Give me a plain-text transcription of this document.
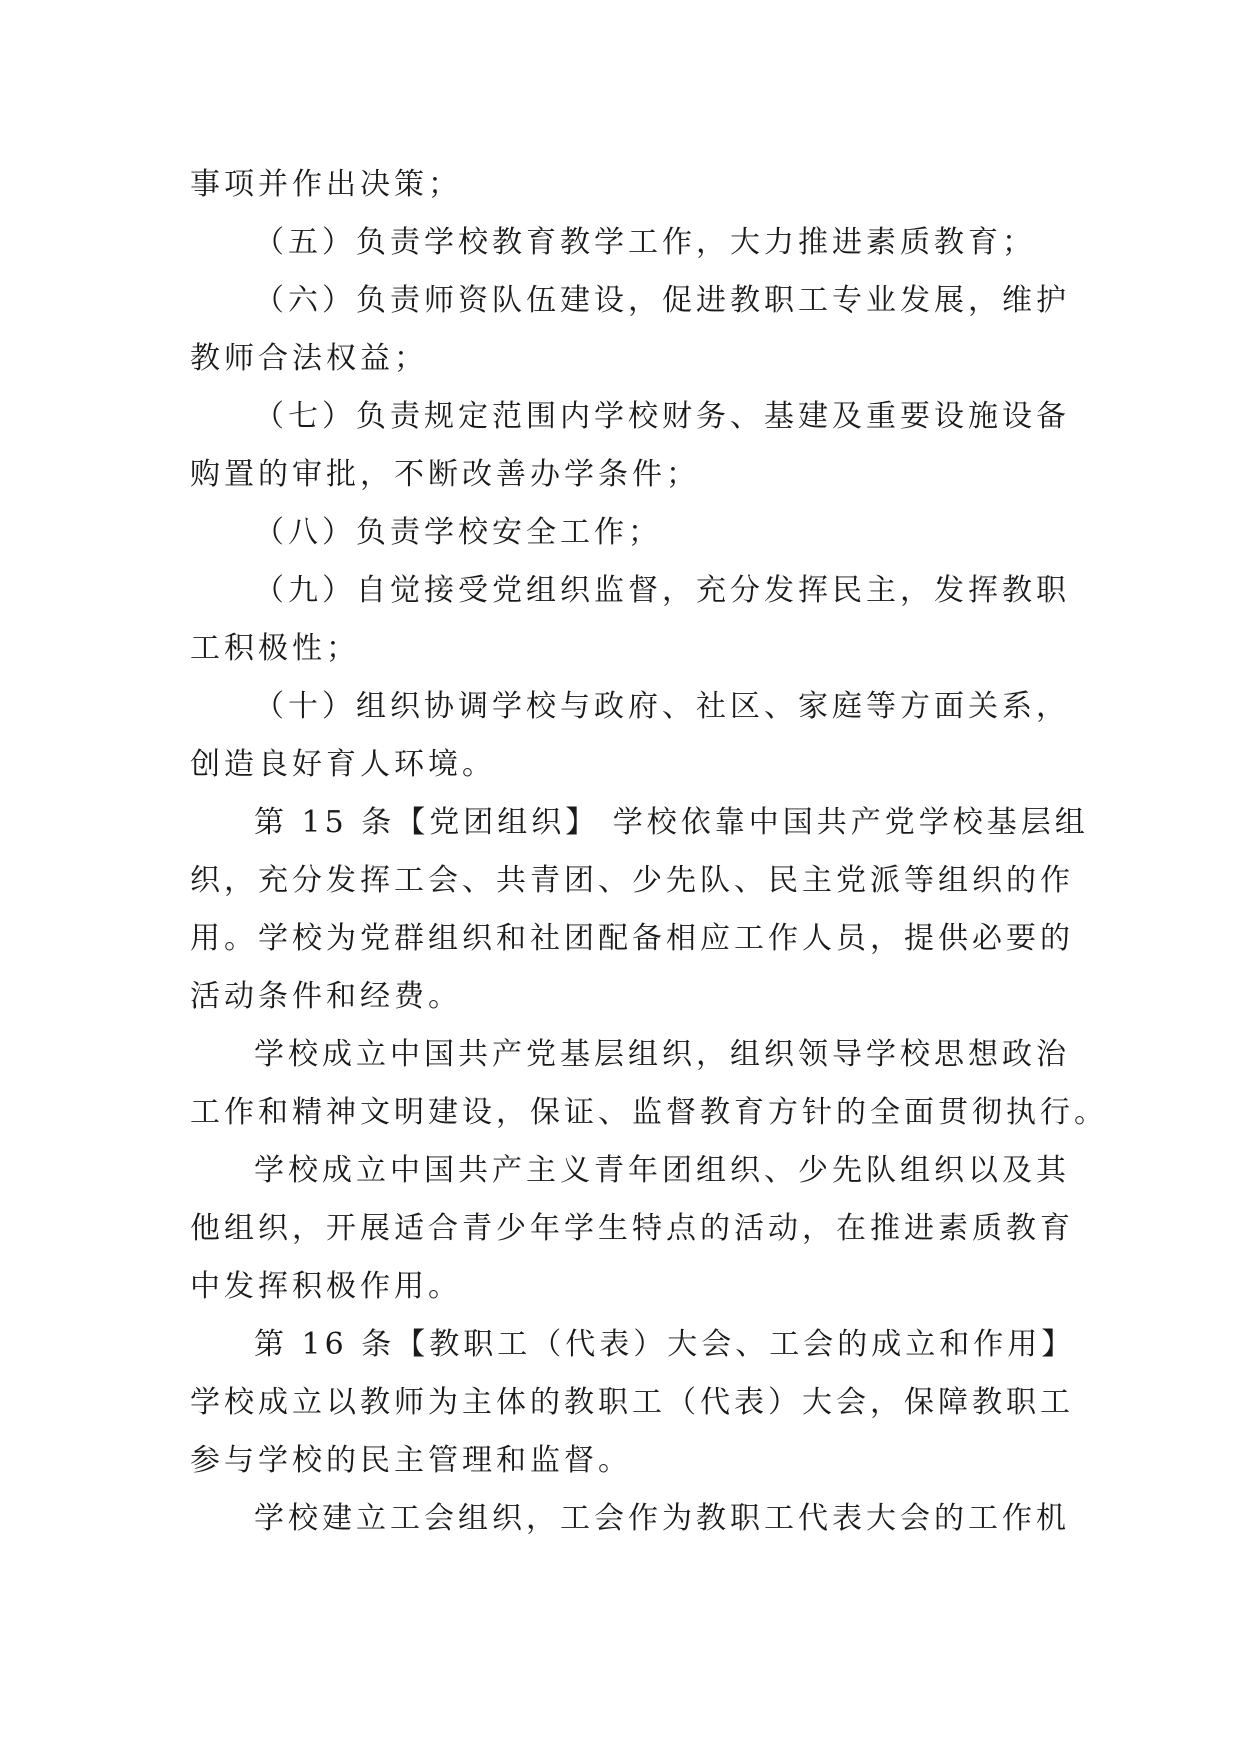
事项并作出决策；
（五）负责学校教育教学工作，大力推进素质教育；
（六）负责师资队伍建设，促进教职工专业发展，维护
教师合法权益；
（七）负责规定范围内学校财务、基建及重要设施设备
购置的审批，不断改善办学条件；
（八）负责学校安全工作；
（九）自觉接受党组织监督，充分发挥民主，发挥教职
工积极性；
（十）组织协调学校与政府、社区、家庭等方面关系，
创造良好育人环境。
第 15 条【党团组织】 学校依靠中国共产党学校基层组
织，充分发挥工会、共青团、少先队、民主党派等组织的作
用。学校为党群组织和社团配备相应工作人员，提供必要的
活动条件和经费。
学校成立中国共产党基层组织，组织领导学校思想政治
工作和精神文明建设，保证、监督教育方针的全面贯彻执行。
学校成立中国共产主义青年团组织、少先队组织以及其
他组织，开展适合青少年学生特点的活动，在推进素质教育
中发挥积极作用。
第 16 条【教职工（代表）大会、工会的成立和作用】
学校成立以教师为主体的教职工（代表）大会，保障教职工
参与学校的民主管理和监督。
学校建立工会组织，工会作为教职工代表大会的工作机
